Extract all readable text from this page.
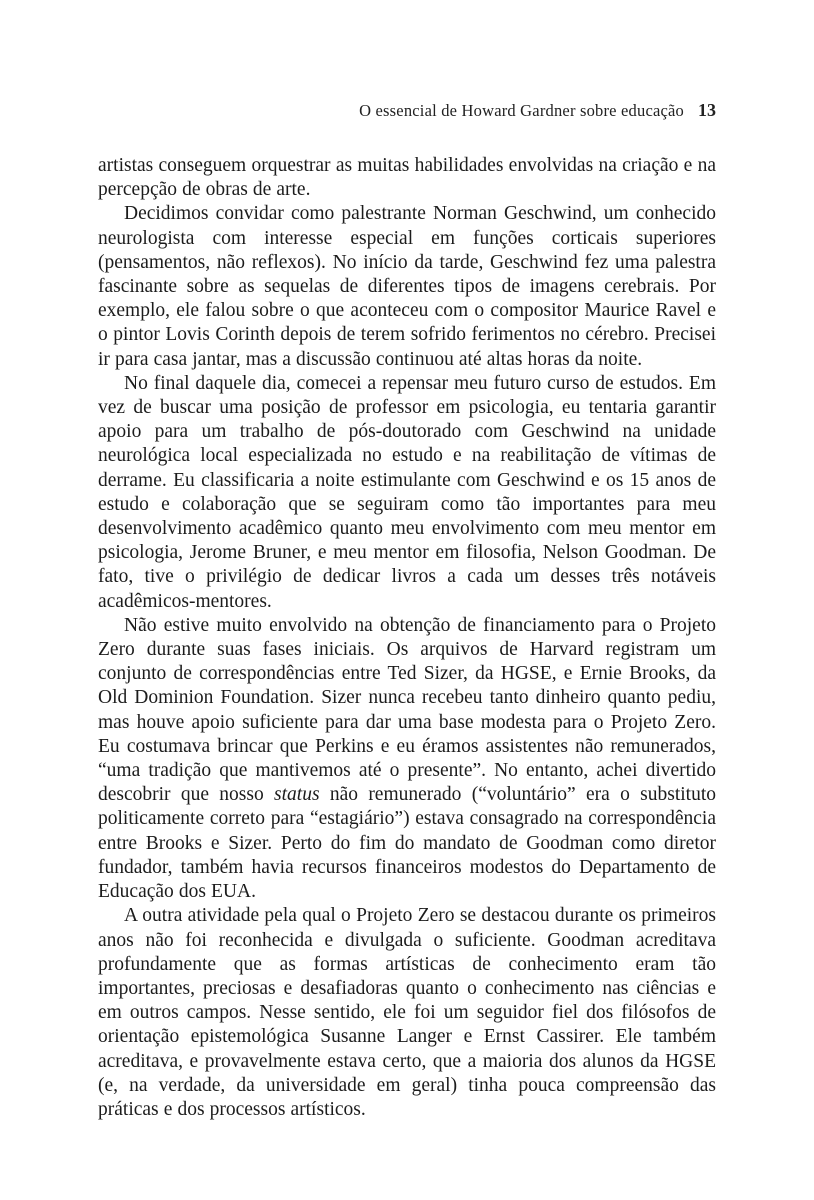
O essencial de Howard Gardner sobre educação 13

artistas conseguem orquestrar as muitas habilidades envolvidas na criação e na percepção de obras de arte.

Decidimos convidar como palestrante Norman Geschwind, um conhecido neurologista com interesse especial em funções corticais superiores (pensamentos, não reflexos). No início da tarde, Geschwind fez uma palestra fascinante sobre as sequelas de diferentes tipos de imagens cerebrais. Por exemplo, ele falou sobre o que aconteceu com o compositor Maurice Ravel e o pintor Lovis Corinth depois de terem sofrido ferimentos no cérebro. Precisei ir para casa jantar, mas a discussão continuou até altas horas da noite.

No final daquele dia, comecei a repensar meu futuro curso de estudos. Em vez de buscar uma posição de professor em psicologia, eu tentaria garantir apoio para um trabalho de pós-doutorado com Geschwind na unidade neurológica local especializada no estudo e na reabilitação de vítimas de derrame. Eu classificaria a noite estimulante com Geschwind e os 15 anos de estudo e colaboração que se seguiram como tão importantes para meu desenvolvimento acadêmico quanto meu envolvimento com meu mentor em psicologia, Jerome Bruner, e meu mentor em filosofia, Nelson Goodman. De fato, tive o privilégio de dedicar livros a cada um desses três notáveis acadêmicos-mentores.

Não estive muito envolvido na obtenção de financiamento para o Projeto Zero durante suas fases iniciais. Os arquivos de Harvard registram um conjunto de correspondências entre Ted Sizer, da HGSE, e Ernie Brooks, da Old Dominion Foundation. Sizer nunca recebeu tanto dinheiro quanto pediu, mas houve apoio suficiente para dar uma base modesta para o Projeto Zero. Eu costumava brincar que Perkins e eu éramos assistentes não remunerados, “uma tradição que mantivemos até o presente”. No entanto, achei divertido descobrir que nosso status não remunerado (“voluntário” era o substituto politicamente correto para “estagiário”) estava consagrado na correspondência entre Brooks e Sizer. Perto do fim do mandato de Goodman como diretor fundador, também havia recursos financeiros modestos do Departamento de Educação dos EUA.

A outra atividade pela qual o Projeto Zero se destacou durante os primeiros anos não foi reconhecida e divulgada o suficiente. Goodman acreditava profundamente que as formas artísticas de conhecimento eram tão importantes, preciosas e desafiadoras quanto o conhecimento nas ciências e em outros campos. Nesse sentido, ele foi um seguidor fiel dos filósofos de orientação epistemológica Susanne Langer e Ernst Cassirer. Ele também acreditava, e provavelmente estava certo, que a maioria dos alunos da HGSE (e, na verdade, da universidade em geral) tinha pouca compreensão das práticas e dos processos artísticos.
